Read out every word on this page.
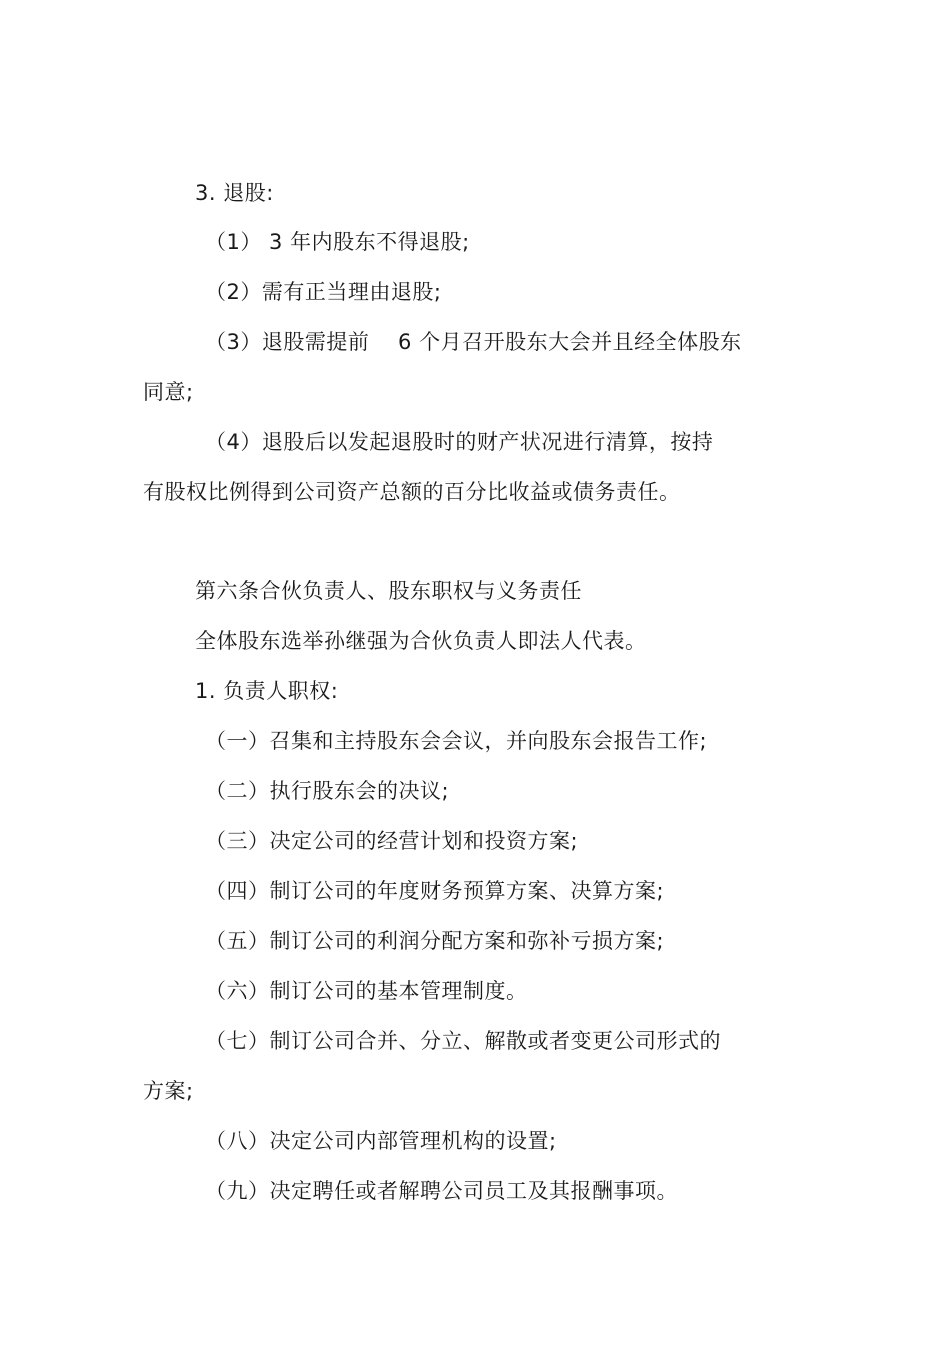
3. 退股:
（1） 3 年内股东不得退股;
（2）需有正当理由退股;
（3）退股需提前 　6 个月召开股东大会并且经全体股东
同意;
（4）退股后以发起退股时的财产状况进行清算，按持
有股权比例得到公司资产总额的百分比收益或债务责任。
第六条合伙负责人、股东职权与义务责任
全体股东选举孙继强为合伙负责人即法人代表。
1. 负责人职权:
（一）召集和主持股东会会议，并向股东会报告工作;
（二）执行股东会的决议;
（三）决定公司的经营计划和投资方案;
（四）制订公司的年度财务预算方案、决算方案;
（五）制订公司的利润分配方案和弥补亏损方案;
（六）制订公司的基本管理制度。
（七）制订公司合并、分立、解散或者变更公司形式的
方案;
（八）决定公司内部管理机构的设置;
（九）决定聘任或者解聘公司员工及其报酬事项。
